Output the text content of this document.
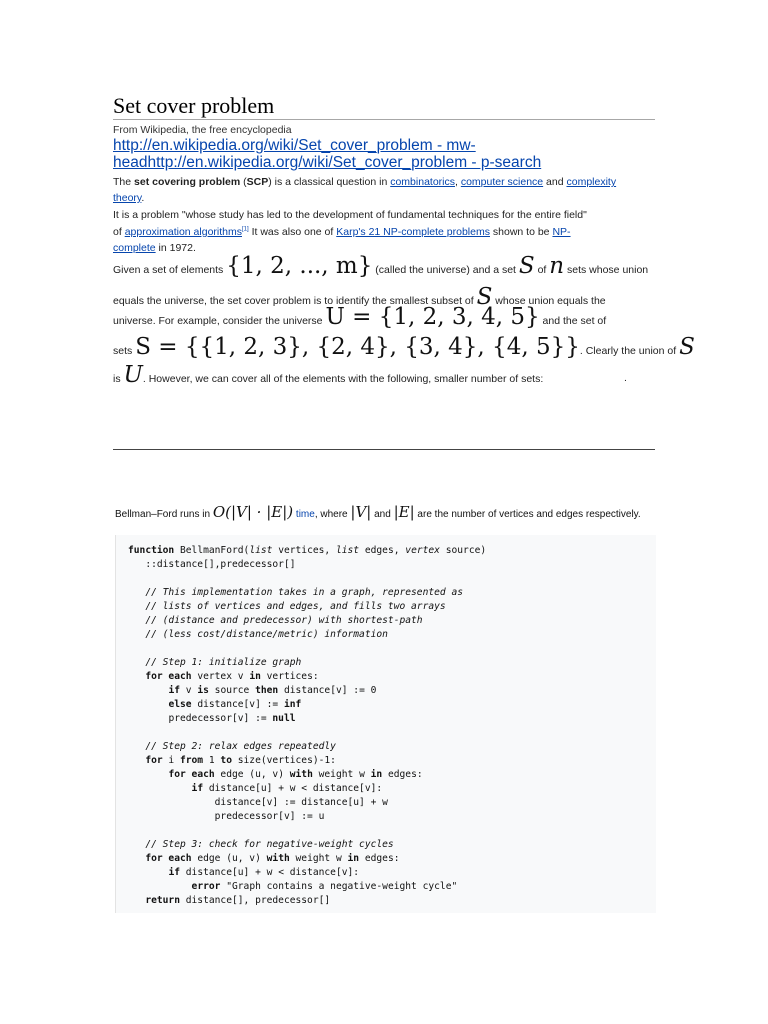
Set cover problem
From Wikipedia, the free encyclopedia
http://en.wikipedia.org/wiki/Set_cover_problem - mw-
headhttp://en.wikipedia.org/wiki/Set_cover_problem - p-search
The set covering problem (SCP) is a classical question in combinatorics, computer science and complexity
theory.
It is a problem "whose study has led to the development of fundamental techniques for the entire field"
of approximation algorithms[1] It was also one of Karp's 21 NP-complete problems shown to be NP-
complete in 1972.
Given a set of elements {1, 2, ..., m} (called the universe) and a set S of n sets whose union
equals the universe, the set cover problem is to identify the smallest subset of S whose union equals the
universe. For example, consider the universe U = {1, 2, 3, 4, 5} and the set of
sets S = {{1, 2, 3}, {2, 4}, {3, 4}, {4, 5}}. Clearly the union of S
is U. However, we can cover all of the elements with the following, smaller number of sets:	.
Bellman–Ford runs in O(|V| · |E|) time, where |V| and |E| are the number of vertices and edges respectively.
function BellmanFord(list vertices, list edges, vertex source)
::distance[],predecessor[]

// This implementation takes in a graph, represented as
// lists of vertices and edges, and fills two arrays
// (distance and predecessor) with shortest-path
// (less cost/distance/metric) information

// Step 1: initialize graph
for each vertex v in vertices:
if v is source then distance[v] := 0
else distance[v] := inf
predecessor[v] := null

// Step 2: relax edges repeatedly
for i from 1 to size(vertices)-1:
for each edge (u, v) with weight w in edges:
if distance[u] + w < distance[v]:
distance[v] := distance[u] + w
predecessor[v] := u

// Step 3: check for negative-weight cycles
for each edge (u, v) with weight w in edges:
if distance[u] + w < distance[v]:
error "Graph contains a negative-weight cycle"
return distance[], predecessor[]
